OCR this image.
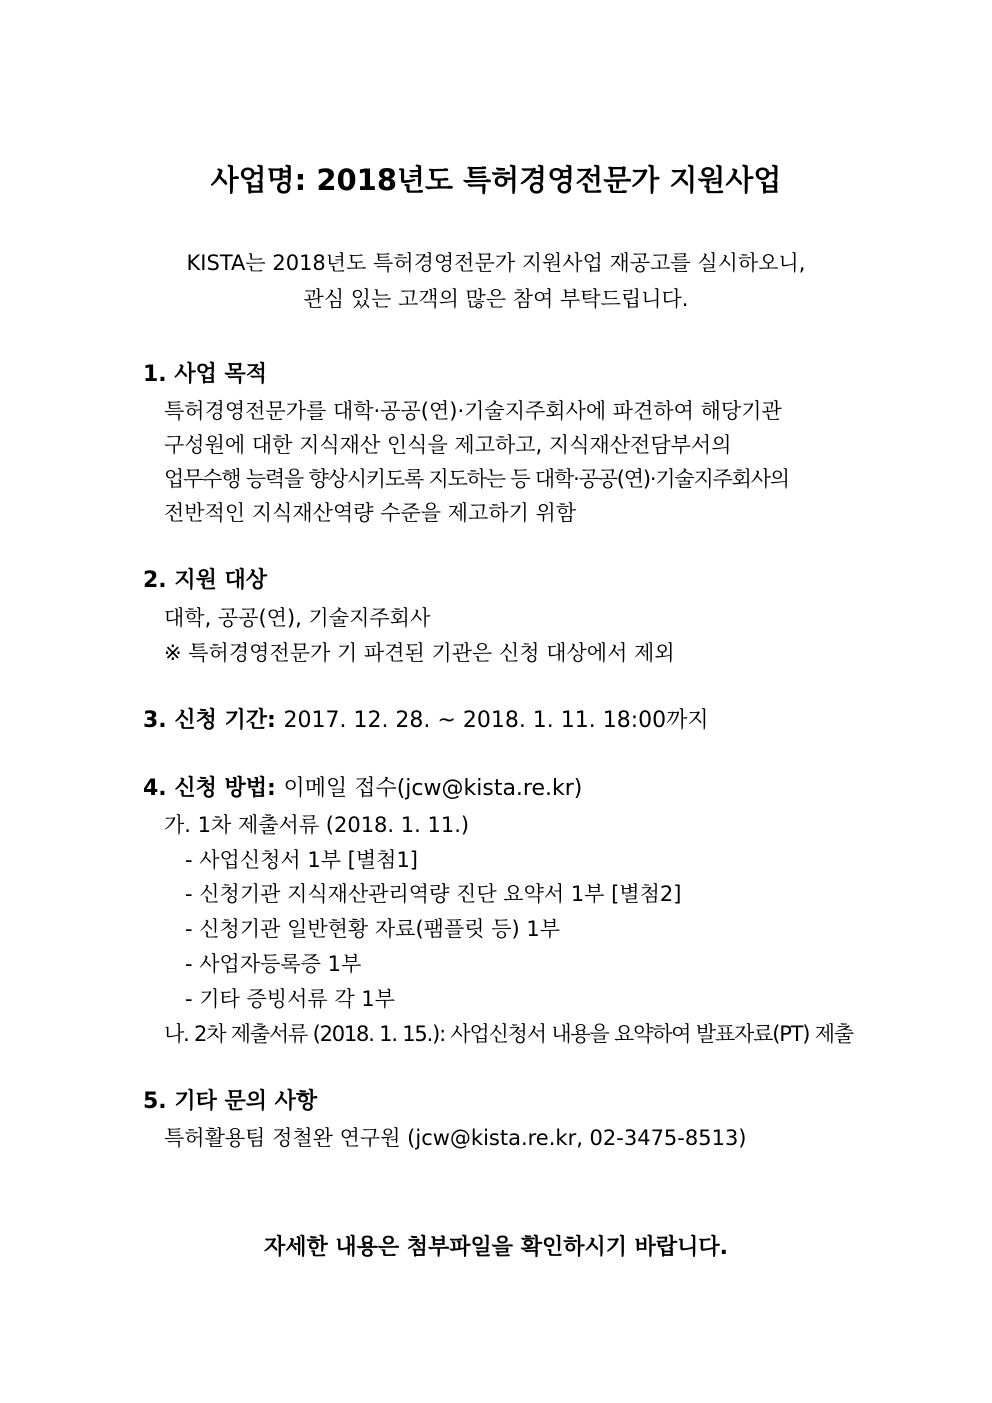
사업명: 2018년도 특허경영전문가 지원사업
KISTA는 2018년도 특허경영전문가 지원사업 재공고를 실시하오니,
관심 있는 고객의 많은 참여 부탁드립니다.
1. 사업 목적
특허경영전문가를 대학·공공(연)·기술지주회사에 파견하여 해당기관
구성원에 대한 지식재산 인식을 제고하고, 지식재산전담부서의
업무수행 능력을 향상시키도록 지도하는 등 대학·공공(연)·기술지주회사의
전반적인 지식재산역량 수준을 제고하기 위함
2. 지원 대상
대학, 공공(연), 기술지주회사
※ 특허경영전문가 기 파견된 기관은 신청 대상에서 제외
3. 신청 기간: 2017. 12. 28. ~ 2018. 1. 11. 18:00까지
4. 신청 방법: 이메일 접수(jcw@kista.re.kr)
가. 1차 제출서류 (2018. 1. 11.)
- 사업신청서 1부 [별첨1]
- 신청기관 지식재산관리역량 진단 요약서 1부 [별첨2]
- 신청기관 일반현황 자료(팸플릿 등) 1부
- 사업자등록증 1부
- 기타 증빙서류 각 1부
나. 2차 제출서류 (2018. 1. 15.): 사업신청서 내용을 요약하여 발표자료(PT) 제출
5. 기타 문의 사항
특허활용팀 정철완 연구원 (jcw@kista.re.kr, 02-3475-8513)
자세한 내용은 첨부파일을 확인하시기 바랍니다.
